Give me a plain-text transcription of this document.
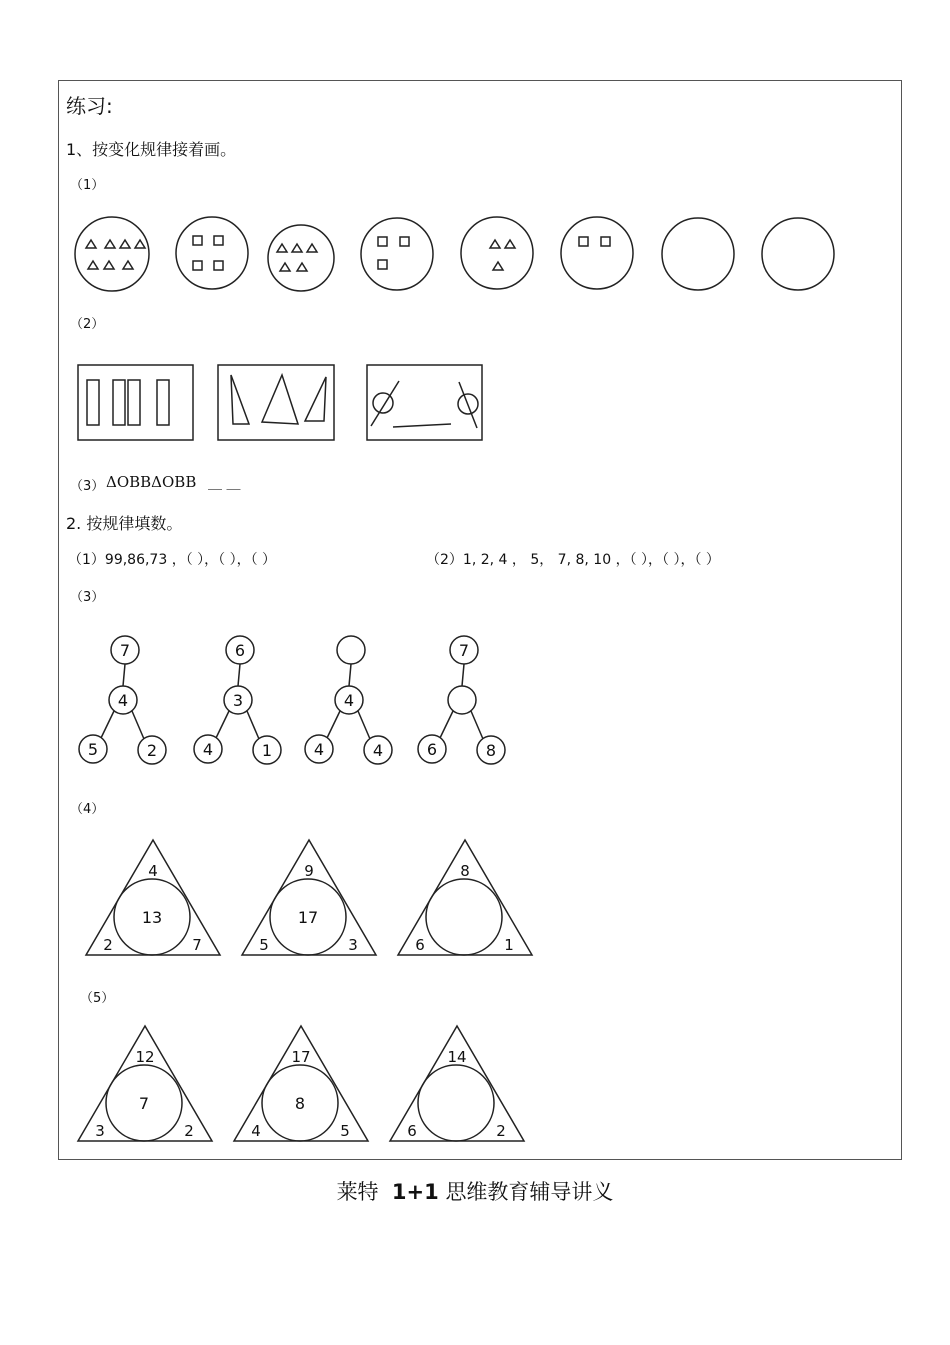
练习:
1、按变化规律接着画。
（1）
（2）
（3） ΔOBBΔOBB ＿ ＿
2. 按规律填数。
（1）99,86,73 ，（ ），（ ），（ ）	（2）1, 2, 4 ， 5， 7, 8, 10 ，（ ），（ ），（ ）
（3）
（4）
（5）
7
4
5	2
6
3
4	1
4
4	4
7
6	8
4
13
2	7
9
17
5	3
8
6	1
12
7
3	2
17
8
4	5
14
6	2
莱特 1+1 思维教育辅导讲义
